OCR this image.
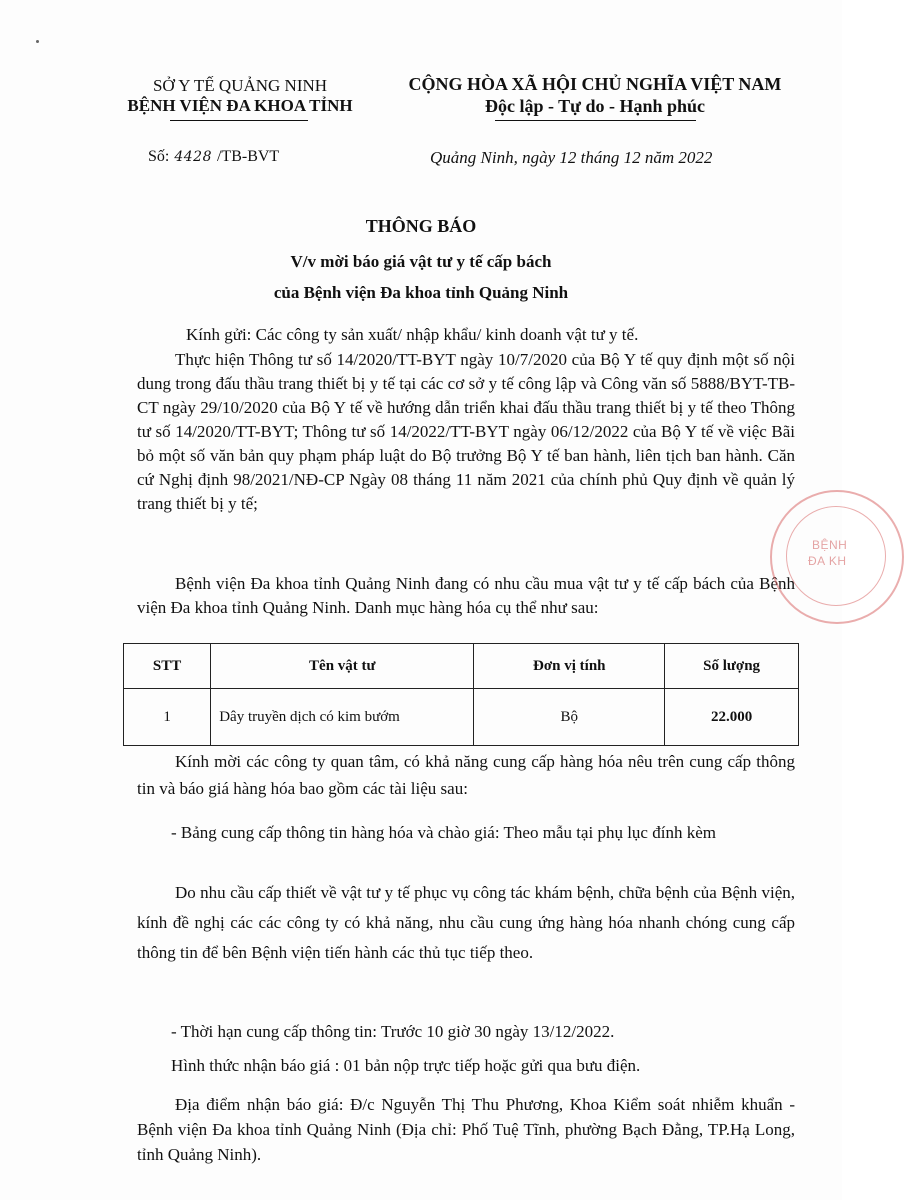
SỞ Y TẾ QUẢNG NINH
BỆNH VIỆN ĐA KHOA TỈNH
CỘNG HÒA XÃ HỘI CHỦ NGHĨA VIỆT NAM
Độc lập - Tự do - Hạnh phúc
Số: 4428 /TB-BVT	Quảng Ninh, ngày 12 tháng 12 năm 2022
THÔNG BÁO
V/v mời báo giá vật tư y tế cấp bách
của Bệnh viện Đa khoa tỉnh Quảng Ninh
Kính gửi: Các công ty sản xuất/ nhập khẩu/ kinh doanh vật tư y tế.
Thực hiện Thông tư số 14/2020/TT-BYT ngày 10/7/2020 của Bộ Y tế quy định một số nội dung trong đấu thầu trang thiết bị y tế tại các cơ sở y tế công lập và Công văn số 5888/BYT-TB-CT ngày 29/10/2020 của Bộ Y tế về hướng dẫn triển khai đấu thầu trang thiết bị y tế theo Thông tư số 14/2020/TT-BYT; Thông tư số 14/2022/TT-BYT ngày 06/12/2022 của Bộ Y tế về việc Bãi bỏ một số văn bản quy phạm pháp luật do Bộ trưởng Bộ Y tế ban hành, liên tịch ban hành. Căn cứ Nghị định 98/2021/NĐ-CP Ngày 08 tháng 11 năm 2021 của chính phủ Quy định về quản lý trang thiết bị y tế;
Bệnh viện Đa khoa tỉnh Quảng Ninh đang có nhu cầu mua vật tư y tế cấp bách của Bệnh viện Đa khoa tỉnh Quảng Ninh. Danh mục hàng hóa cụ thể như sau:
STT	Tên vật tư	Đơn vị tính	Số lượng
1	Dây truyền dịch có kim bướm	Bộ	22.000
Kính mời các công ty quan tâm, có khả năng cung cấp hàng hóa nêu trên cung cấp thông tin và báo giá hàng hóa bao gồm các tài liệu sau:
- Bảng cung cấp thông tin hàng hóa và chào giá: Theo mẫu tại phụ lục đính kèm
Do nhu cầu cấp thiết về vật tư y tế phục vụ công tác khám bệnh, chữa bệnh của Bệnh viện, kính đề nghị các các công ty có khả năng, nhu cầu cung ứng hàng hóa nhanh chóng cung cấp thông tin để bên Bệnh viện tiến hành các thủ tục tiếp theo.
- Thời hạn cung cấp thông tin: Trước 10 giờ 30 ngày 13/12/2022.
Hình thức nhận báo giá : 01 bản nộp trực tiếp hoặc gửi qua bưu điện.
Địa điểm nhận báo giá: Đ/c Nguyễn Thị Thu Phương, Khoa Kiểm soát nhiễm khuẩn - Bệnh viện Đa khoa tỉnh Quảng Ninh (Địa chỉ: Phố Tuệ Tĩnh, phường Bạch Đằng, TP.Hạ Long, tỉnh Quảng Ninh).
BỆNH
ĐA KH
